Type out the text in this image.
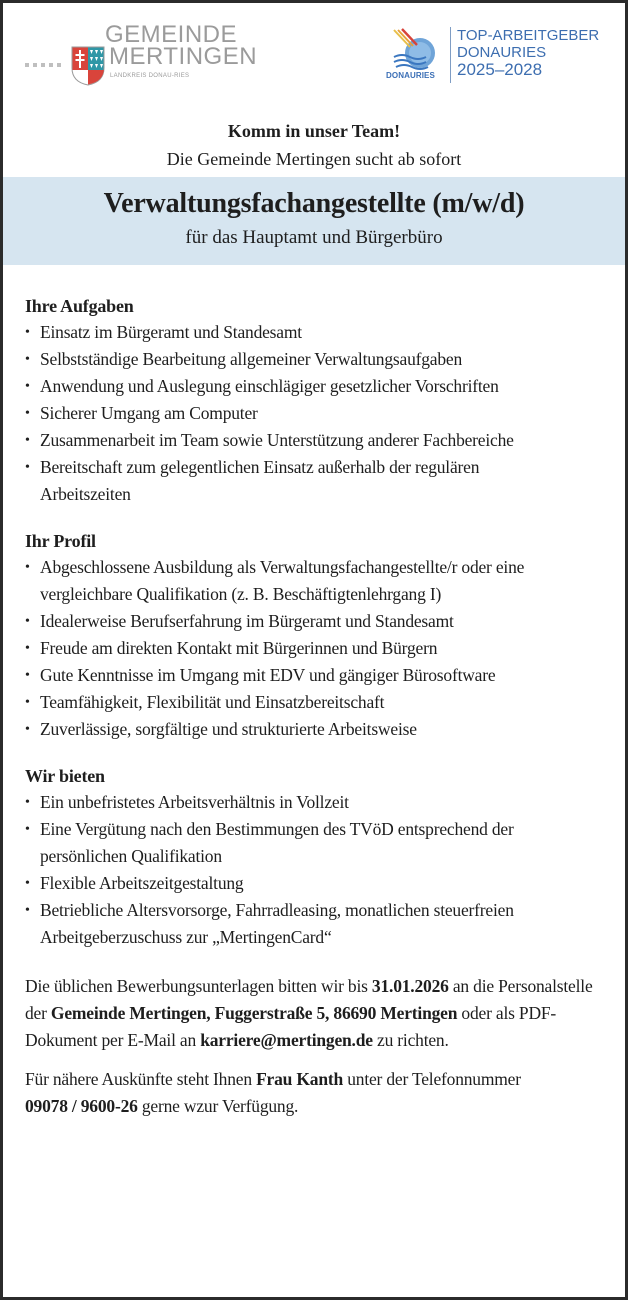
GEMEINDE
MERTINGEN
LANDKREIS DONAU-RIES	DONAURIES
TOP-ARBEITGEBER
DONAURIES
2025–2028
Komm in unser Team!
Die Gemeinde Mertingen sucht ab sofort
Verwaltungsfachangestellte (m/w/d)
für das Hauptamt und Bürgerbüro
Ihre Aufgaben
• Einsatz im Bürgeramt und Standesamt
• Selbstständige Bearbeitung allgemeiner Verwaltungsaufgaben
• Anwendung und Auslegung einschlägiger gesetzlicher Vorschriften
• Sicherer Umgang am Computer
• Zusammenarbeit im Team sowie Unterstützung anderer Fachbereiche
• Bereitschaft zum gelegentlichen Einsatz außerhalb der regulären Arbeitszeiten
Ihr Profil
• Abgeschlossene Ausbildung als Verwaltungsfachangestellte/r oder eine vergleichbare Qualifikation (z. B. Beschäftigtenlehrgang I)
• Idealerweise Berufserfahrung im Bürgeramt und Standesamt
• Freude am direkten Kontakt mit Bürgerinnen und Bürgern
• Gute Kenntnisse im Umgang mit EDV und gängiger Bürosoftware
• Teamfähigkeit, Flexibilität und Einsatzbereitschaft
• Zuverlässige, sorgfältige und strukturierte Arbeitsweise
Wir bieten
• Ein unbefristetes Arbeitsverhältnis in Vollzeit
• Eine Vergütung nach den Bestimmungen des TVöD entsprechend der persönlichen Qualifikation
• Flexible Arbeitszeitgestaltung
• Betriebliche Altersvorsorge, Fahrradleasing, monatlichen steuerfreien Arbeitgeberzuschuss zur „MertingenCard“

Die üblichen Bewerbungsunterlagen bitten wir bis 31.01.2026 an die Personalstelle der Gemeinde Mertingen, Fuggerstraße 5, 86690 Mertingen oder als PDF-Dokument per E-Mail an karriere@mertingen.de zu richten.

Für nähere Auskünfte steht Ihnen Frau Kanth unter der Telefonnummer 09078 / 9600-26 gerne wzur Verfügung.
